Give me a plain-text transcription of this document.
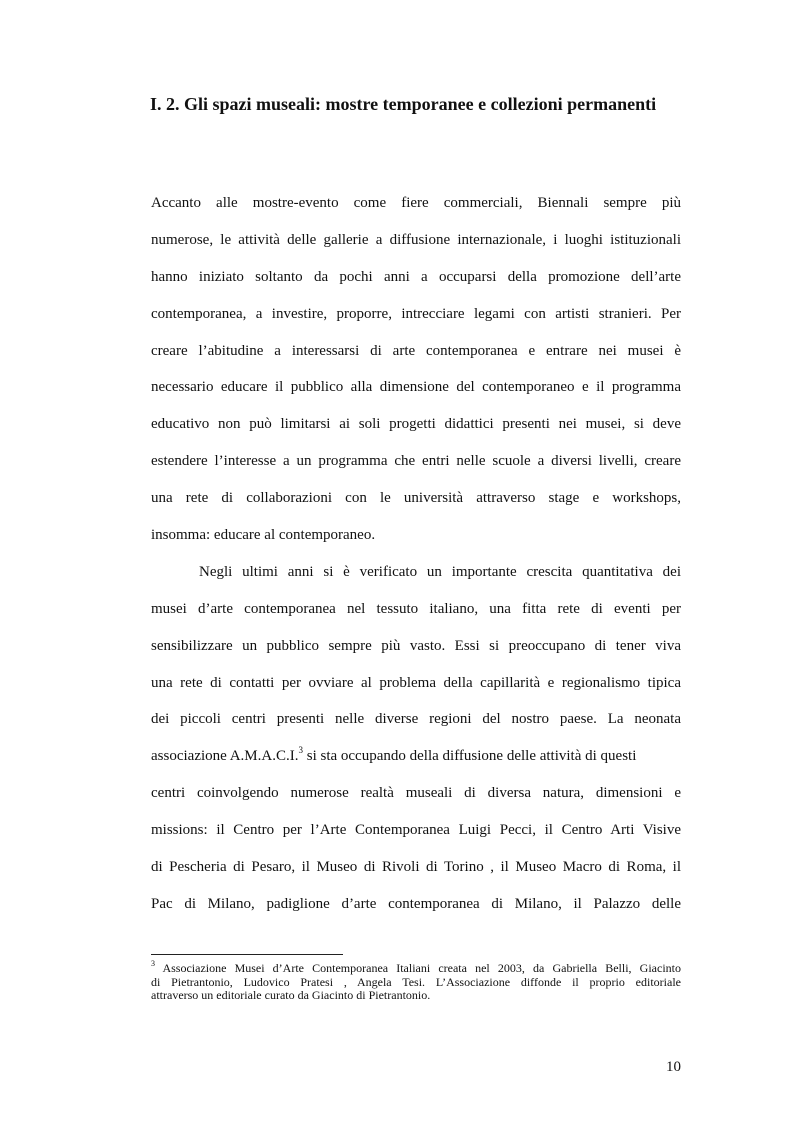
I. 2. Gli spazi museali: mostre temporanee e collezioni permanenti
Accanto alle mostre-evento come fiere commerciali, Biennali sempre più
numerose, le attività delle gallerie a diffusione internazionale, i luoghi istituzionali
hanno iniziato soltanto da pochi anni a occuparsi della promozione dell’arte
contemporanea, a investire, proporre, intrecciare legami con artisti stranieri. Per
creare l’abitudine a interessarsi di arte contemporanea e entrare nei musei è
necessario educare il pubblico alla dimensione del contemporaneo e il programma
educativo non può limitarsi ai soli progetti didattici presenti nei musei, si deve
estendere l’interesse a un programma che entri nelle scuole a diversi livelli, creare
una rete di collaborazioni con le università attraverso stage e workshops,
insomma: educare al contemporaneo.
Negli ultimi anni si è verificato un importante crescita quantitativa dei
musei d’arte contemporanea nel tessuto italiano, una fitta rete di eventi per
sensibilizzare un pubblico sempre più vasto. Essi si preoccupano di tener viva
una rete di contatti per ovviare al problema della capillarità e regionalismo tipica
dei piccoli centri presenti nelle diverse regioni del nostro paese. La neonata
associazione A.M.A.C.I.$^3$ si sta occupando della diffusione delle attività di questi
centri coinvolgendo numerose realtà museali di diversa natura, dimensioni e
missions: il Centro per l’Arte Contemporanea Luigi Pecci, il Centro Arti Visive
di Pescheria di Pesaro, il Museo di Rivoli di Torino , il Museo Macro di Roma, il
Pac di Milano, padiglione d’arte contemporanea di Milano, il Palazzo delle
$^3$ Associazione Musei d’Arte Contemporanea Italiani creata nel 2003, da Gabriella Belli, Giacinto
di Pietrantonio, Ludovico Pratesi , Angela Tesi. L’Associazione diffonde il proprio editoriale
attraverso un editoriale curato da Giacinto di Pietrantonio.
10
